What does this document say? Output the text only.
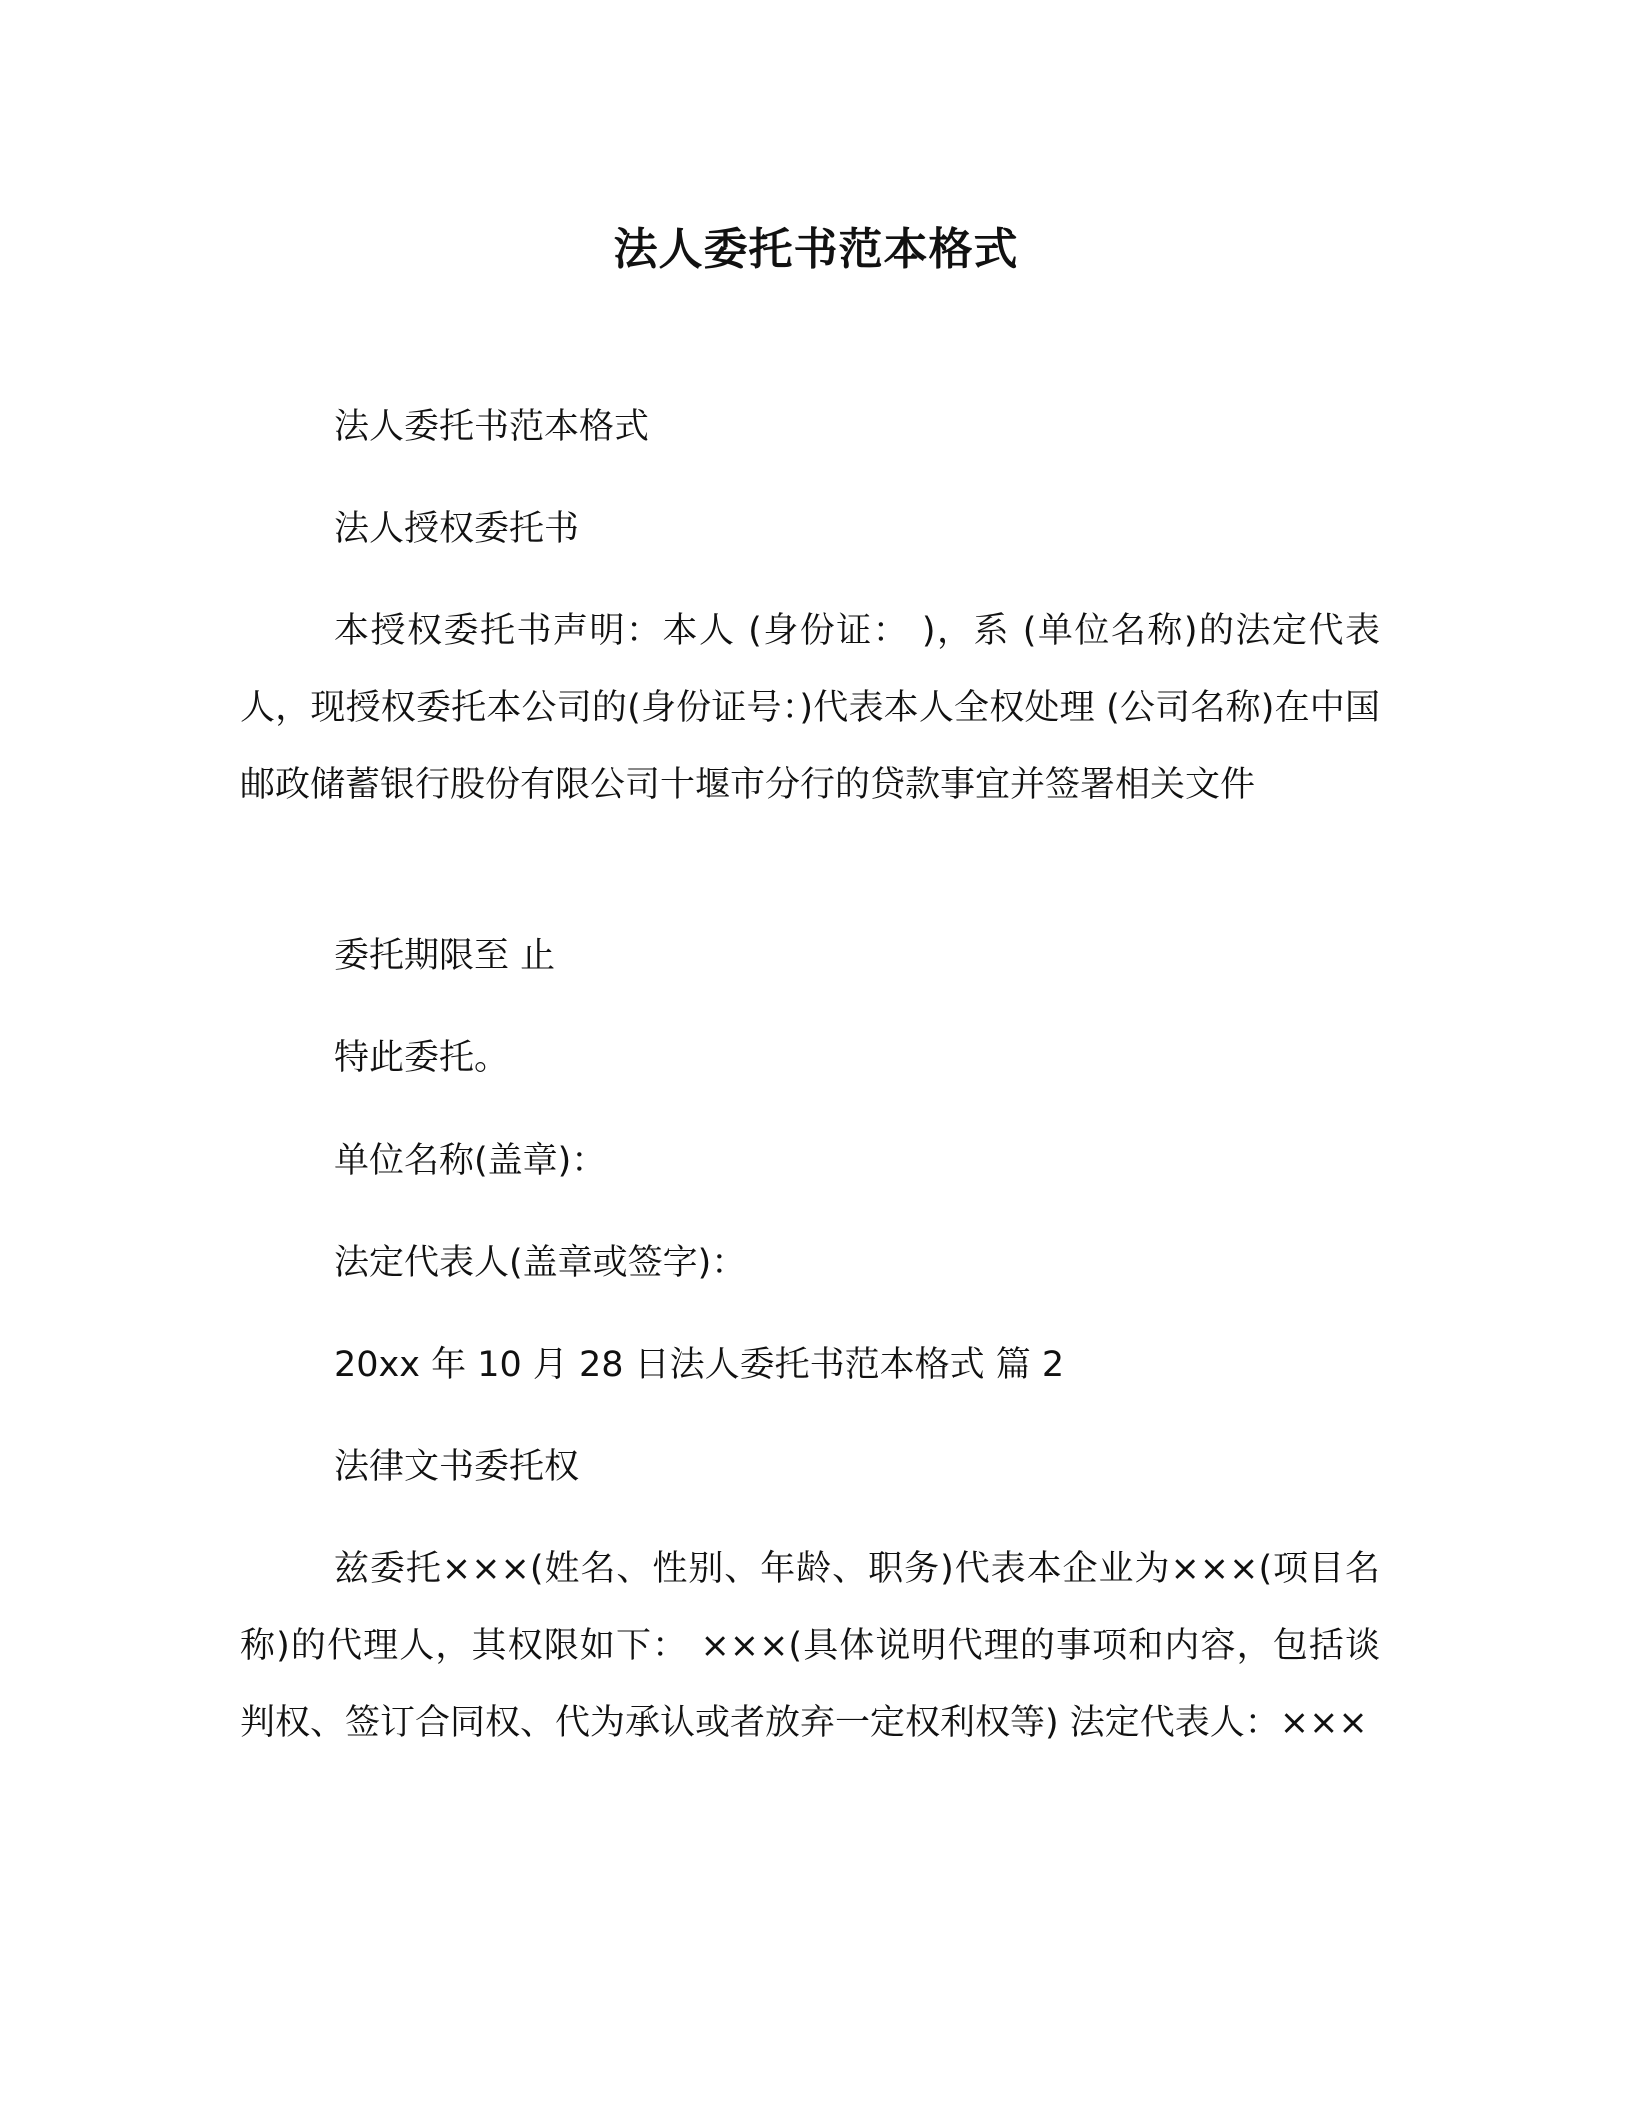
法人委托书范本格式

法人委托书范本格式

法人授权委托书

本授权委托书声明：本人 (身份证： )，系 (单位名称)的法定代表人，现授权委托本公司的(身份证号：)代表本人全权处理 (公司名称)在中国邮政储蓄银行股份有限公司十堰市分行的贷款事宜并签署相关文件

委托期限至 止

特此委托。

单位名称(盖章)：

法定代表人(盖章或签字)：

20xx 年 10 月 28 日法人委托书范本格式 篇 2

法律文书委托权

兹委托×××(姓名、性别、年龄、职务)代表本企业为×××(项目名称)的代理人，其权限如下： ×××(具体说明代理的事项和内容，包括谈判权、签订合同权、代为承认或者放弃一定权利权等) 法定代表人：×××
